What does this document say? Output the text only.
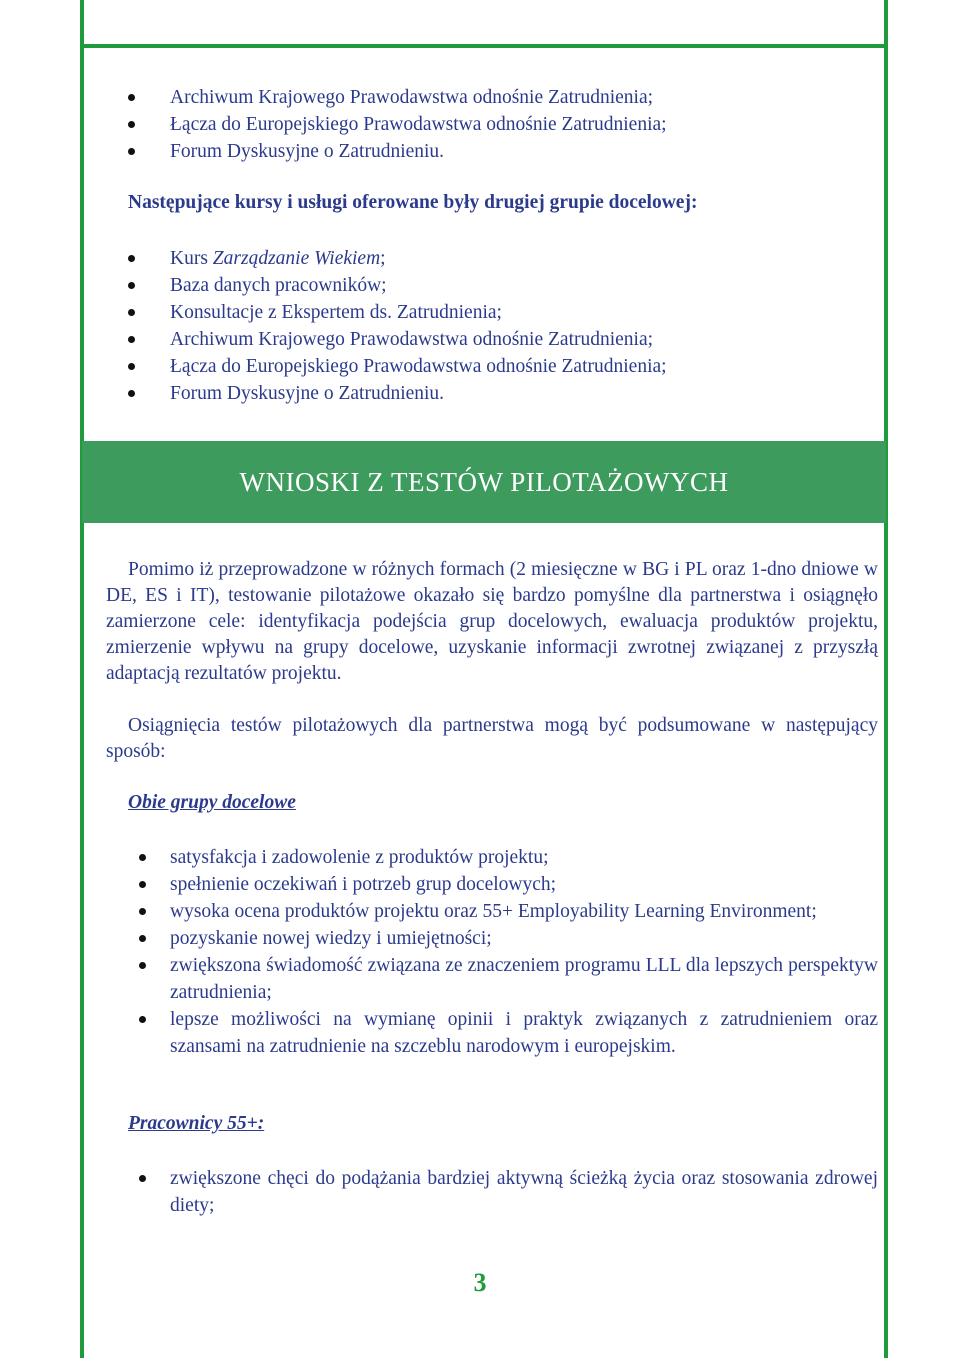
Archiwum Krajowego Prawodawstwa odnośnie Zatrudnienia;
Łącza do Europejskiego Prawodawstwa odnośnie Zatrudnienia;
Forum Dyskusyjne o Zatrudnieniu.
Następujące kursy i usługi oferowane były drugiej grupie docelowej:
Kurs Zarządzanie Wiekiem;
Baza danych pracowników;
Konsultacje z Ekspertem ds. Zatrudnienia;
Archiwum Krajowego Prawodawstwa odnośnie Zatrudnienia;
Łącza do Europejskiego Prawodawstwa odnośnie Zatrudnienia;
Forum Dyskusyjne o Zatrudnieniu.
WNIOSKI Z TESTÓW PILOTAŻOWYCH

Pomimo iż przeprowadzone w różnych formach (2 miesięczne w BG i PL oraz 1-dno dniowe w DE, ES i IT), testowanie pilotażowe okazało się bardzo pomyślne dla partnerstwa i osiągnęło zamierzone cele: identyfikacja podejścia grup docelowych, ewaluacja produktów projektu, zmierzenie wpływu na grupy docelowe, uzyskanie informacji zwrotnej związanej z przyszłą adaptacją rezultatów projektu.

Osiągnięcia testów pilotażowych dla partnerstwa mogą być podsumowane w następujący sposób:

Obie grupy docelowe
satysfakcja i zadowolenie z produktów projektu;
spełnienie oczekiwań i potrzeb grup docelowych;
wysoka ocena produktów projektu oraz 55+ Employability Learning Environment;
pozyskanie nowej wiedzy i umiejętności;
zwiększona świadomość związana ze znaczeniem programu LLL dla lepszych perspektyw zatrudnienia;
lepsze możliwości na wymianę opinii i praktyk związanych z zatrudnieniem oraz szansami na zatrudnienie na szczeblu narodowym i europejskim.
Pracownicy 55+:
zwiększone chęci do podążania bardziej aktywną ścieżką życia oraz stosowania zdrowej diety;
3
